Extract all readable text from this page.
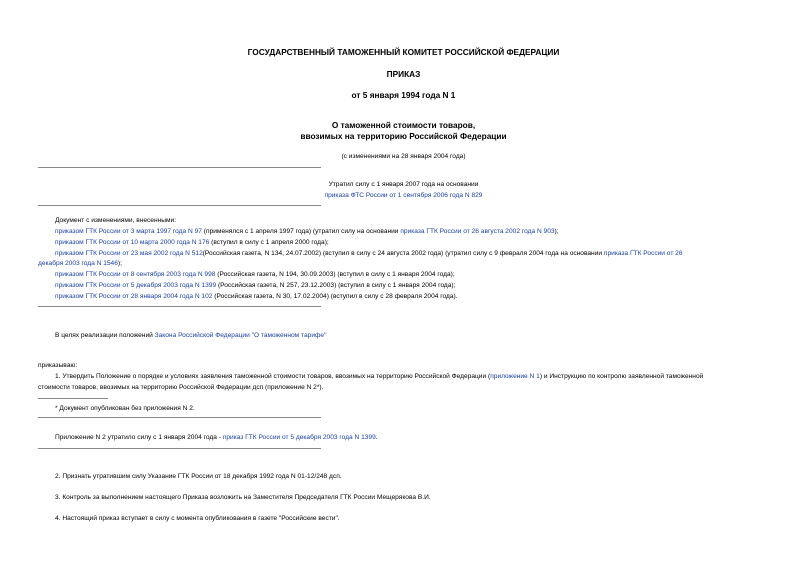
ГОСУДАРСТВЕННЫЙ ТАМОЖЕННЫЙ КОМИТЕТ РОССИЙСКОЙ ФЕДЕРАЦИИ
ПРИКАЗ
от 5 января 1994 года N 1
О таможенной стоимости товаров,
ввозимых на территорию Российской Федерации
(с изменениями на 28 января 2004 года)
Утратил силу с 1 января 2007 года на основании
приказа ФТС России от 1 сентября 2006 года N 829
Документ с изменениями, внесенными:
приказом ГТК России от 3 марта 1997 года N 97 (применялся с 1 апреля 1997 года) (утратил силу на основании приказа ГТК России от 26 августа 2002 года N 903);
приказом ГТК России от 10 марта 2000 года N 176 (вступил в силу с 1 апреля 2000 года);
приказом ГТК России от 23 мая 2002 года N 512(Российская газета, N 134, 24.07.2002) (вступил в силу с 24 августа 2002 года) (утратил силу с 9 февраля 2004 года на основании приказа ГТК России от 26
декабря 2003 года N 1546);
приказом ГТК России от 8 сентября 2003 года N 998 (Российская газета, N 194, 30.09.2003) (вступил в силу с 1 января 2004 года);
приказом ГТК России от 5 декабря 2003 года N 1399 (Российская газета, N 257, 23.12.2003) (вступил в силу с 1 января 2004 года);
приказом ГТК России от 28 января 2004 года N 102 (Российская газета, N 30, 17.02.2004) (вступил в силу с 28 февраля 2004 года).
В целях реализации положений Закона Российской Федерации "О таможенном тарифе"
приказываю:
1. Утвердить Положение о порядке и условиях заявления таможенной стоимости товаров, ввозимых на территорию Российской Федерации (приложение N 1) и Инструкцию по контролю заявленной таможенной
стоимости товаров, ввозимых на территорию Российской Федерации дсп (приложение N 2*).
* Документ опубликован без приложения N 2.
Приложение N 2 утратило силу с 1 января 2004 года - приказ ГТК России от 5 декабря 2003 года N 1399.
2. Признать утратившим силу Указание ГТК России от 18 декабря 1992 года N 01-12/248 дсп.
3. Контроль за выполнением настоящего Приказа возложить на Заместителя Председателя ГТК России Мещерякова В.И.
4. Настоящий приказ вступает в силу с момента опубликования в газете "Российские вести".
